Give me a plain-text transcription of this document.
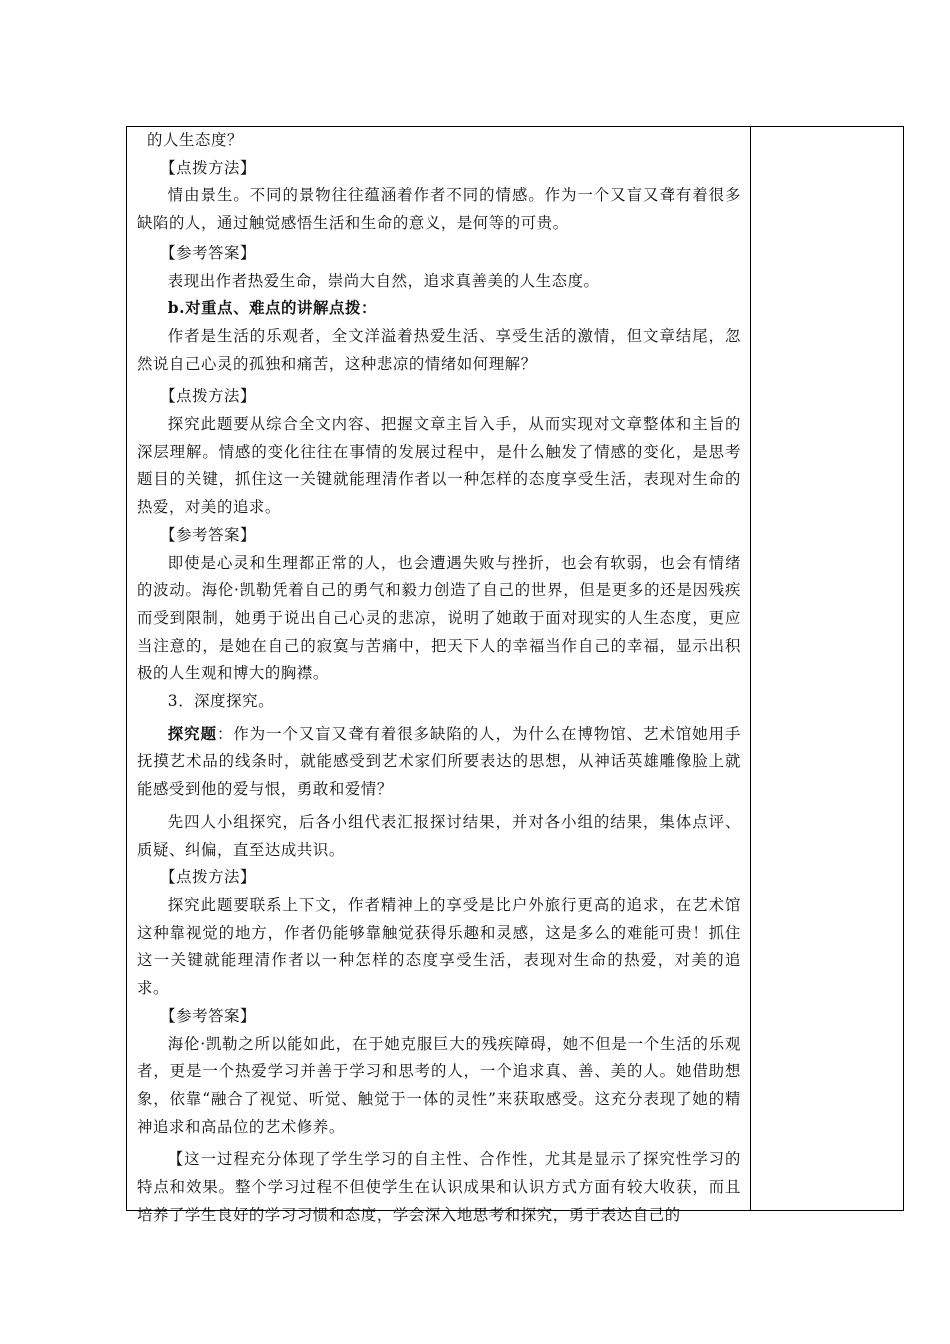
的人生态度？

【点拨方法】

情由景生。不同的景物往往蕴涵着作者不同的情感。作为一个又盲又聋有着很多缺陷的人，通过触觉感悟生活和生命的意义，是何等的可贵。

【参考答案】

表现出作者热爱生命，崇尚大自然，追求真善美的人生态度。

b.对重点、难点的讲解点拨：

作者是生活的乐观者，全文洋溢着热爱生活、享受生活的激情，但文章结尾，忽然说自己心灵的孤独和痛苦，这种悲凉的情绪如何理解？

【点拨方法】

探究此题要从综合全文内容、把握文章主旨入手，从而实现对文章整体和主旨的深层理解。情感的变化往往在事情的发展过程中，是什么触发了情感的变化，是思考题目的关键，抓住这一关键就能理清作者以一种怎样的态度享受生活，表现对生命的热爱，对美的追求。

【参考答案】

即使是心灵和生理都正常的人，也会遭遇失败与挫折，也会有软弱，也会有情绪的波动。海伦·凯勒凭着自己的勇气和毅力创造了自己的世界，但是更多的还是因残疾而受到限制，她勇于说出自己心灵的悲凉，说明了她敢于面对现实的人生态度，更应当注意的，是她在自己的寂寞与苦痛中，把天下人的幸福当作自己的幸福，显示出积极的人生观和博大的胸襟。

3．深度探究。

探究题：作为一个又盲又聋有着很多缺陷的人，为什么在博物馆、艺术馆她用手抚摸艺术品的线条时，就能感受到艺术家们所要表达的思想，从神话英雄雕像脸上就能感受到他的爱与恨，勇敢和爱情？

先四人小组探究，后各小组代表汇报探讨结果，并对各小组的结果，集体点评、质疑、纠偏，直至达成共识。

【点拨方法】

探究此题要联系上下文，作者精神上的享受是比户外旅行更高的追求，在艺术馆这种靠视觉的地方，作者仍能够靠触觉获得乐趣和灵感，这是多么的难能可贵！抓住这一关键就能理清作者以一种怎样的态度享受生活，表现对生命的热爱，对美的追求。

【参考答案】

海伦·凯勒之所以能如此，在于她克服巨大的残疾障碍，她不但是一个生活的乐观者，更是一个热爱学习并善于学习和思考的人，一个追求真、善、美的人。她借助想象，依靠“融合了视觉、听觉、触觉于一体的灵性”来获取感受。这充分表现了她的精神追求和高品位的艺术修养。

【这一过程充分体现了学生学习的自主性、合作性，尤其是显示了探究性学习的特点和效果。整个学习过程不但使学生在认识成果和认识方式方面有较大收获，而且培养了学生良好的学习习惯和态度，学会深入地思考和探究，勇于表达自己的
